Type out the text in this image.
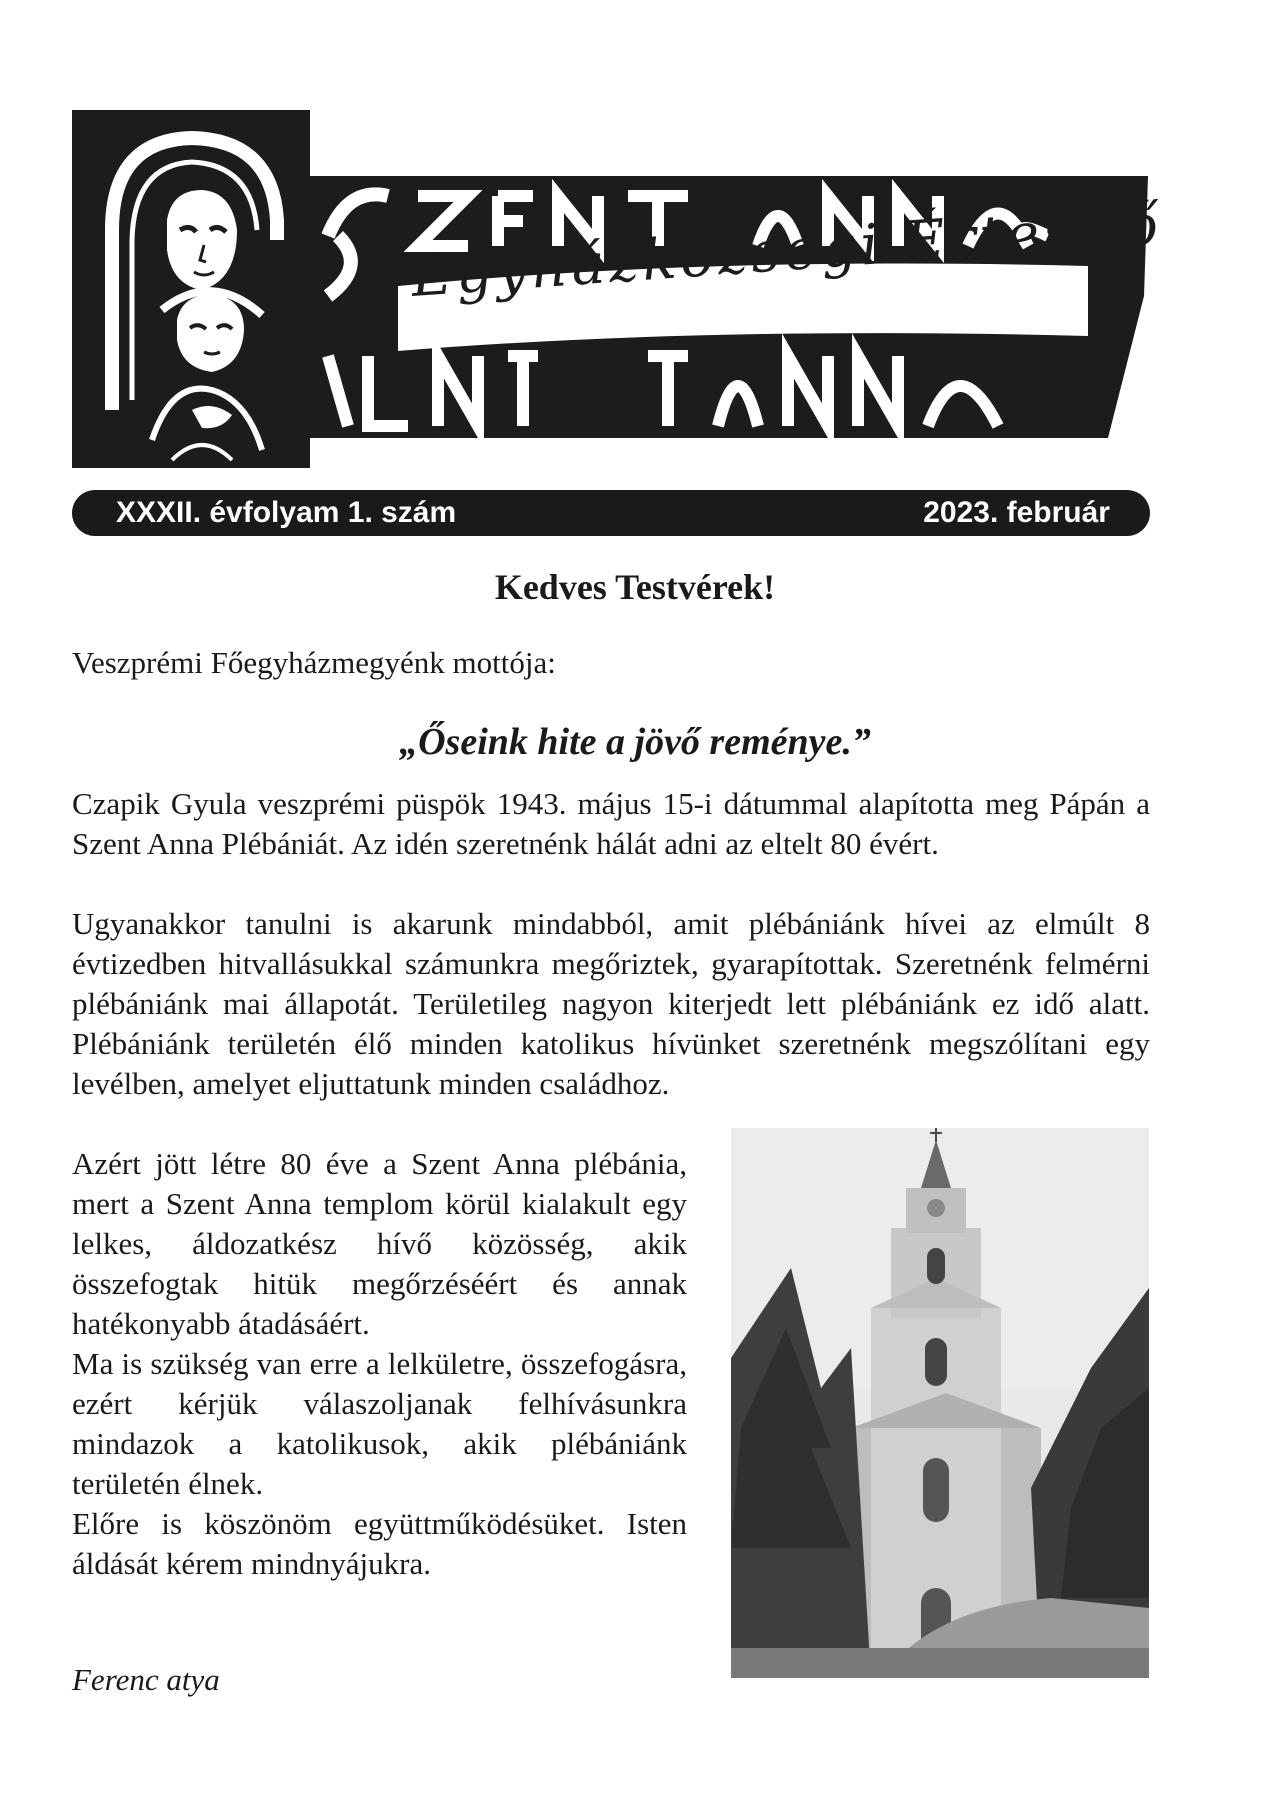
Egyházközségi Értesítő
XXXII. évfolyam 1. szám	2023. február
Kedves Testvérek!
Veszprémi Főegyházmegyénk mottója:
„Őseink hite a jövő reménye.”

Czapik Gyula veszprémi püspök 1943. május 15-i dátummal alapította meg Pápán a Szent Anna Plébániát. Az idén szeretnénk hálát adni az eltelt 80 évért.

Ugyanakkor tanulni is akarunk mindabból, amit plébániánk hívei az elmúlt 8 évtizedben hitvallásukkal számunkra megőriztek, gyarapítottak. Szeretnénk felmérni plébániánk mai állapotát. Területileg nagyon kiterjedt lett plébániánk ez idő alatt. Plébániánk területén élő minden katolikus hívünket szeretnénk megszólítani egy levélben, amelyet eljuttatunk minden családhoz.

Azért jött létre 80 éve a Szent Anna plébánia, mert a Szent Anna templom körül kialakult egy lelkes, áldozatkész hívő közösség, akik összefogtak hitük megőrzéséért és annak hatékonyabb átadásáért.

Ma is szükség van erre a lelkületre, összefogásra, ezért kérjük válaszoljanak felhívásunkra mindazok a katolikusok, akik plébániánk területén élnek.

Előre is köszönöm együttműködésüket. Isten áldását kérem mindnyájukra.

Ferenc atya
